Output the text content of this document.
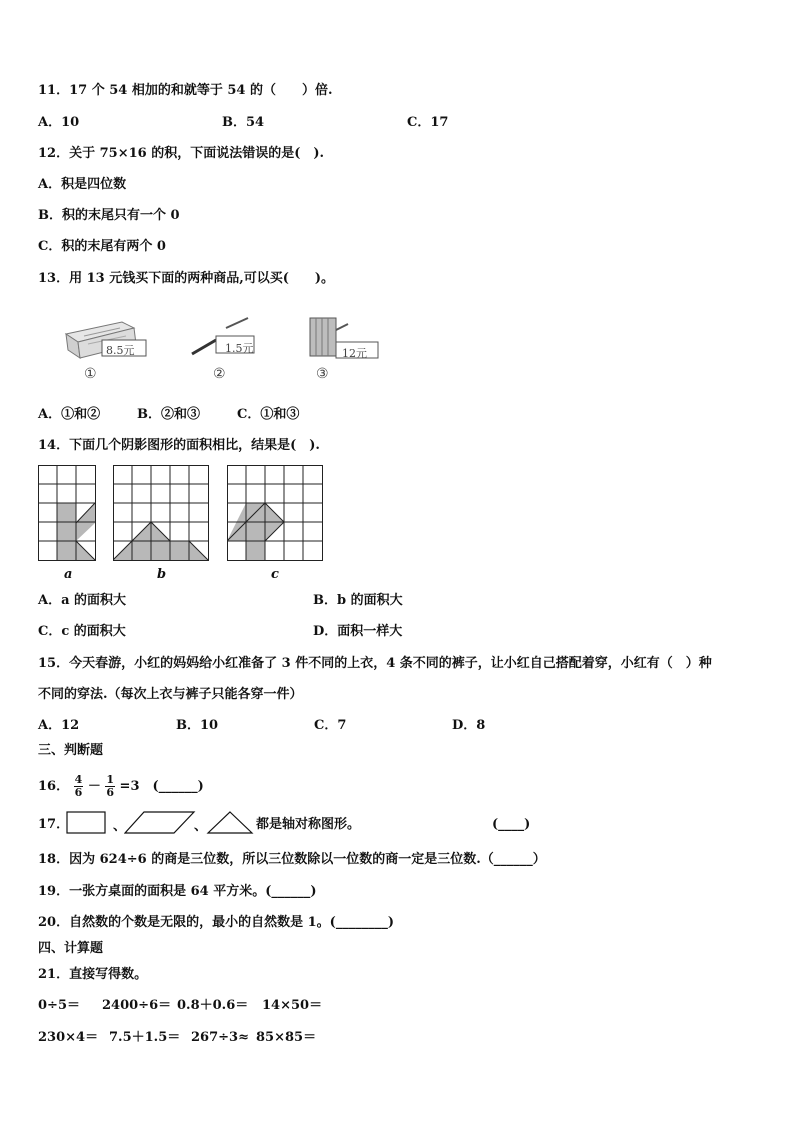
11．17 个 54 相加的和就等于 54 的（　　）倍.
A．10	B．54	C．17
12．关于 75×16 的积，下面说法错误的是(　).
A．积是四位数
B．积的末尾只有一个 0
C．积的末尾有两个 0
13．用 13 元钱买下面的两种商品,可以买(　　)。
8.5元
①
1.5元
②
12元
③
A．①和②	B．②和③	C．①和③
14．下面几个阴影图形的面积相比，结果是(　).
a	b	c
A．a 的面积大	B．b 的面积大
C．c 的面积大	D．面积一样大
15．今天春游，小红的妈妈给小红准备了 3 件不同的上衣，4 条不同的裤子，让小红自己搭配着穿，小红有（　）种
不同的穿法.（每次上衣与裤子只能各穿一件）
A．12	B．10	C．7	D．8
三、判断题
16． $\frac{4}{6} - \frac{1}{6} =3$　(______)
17．	、	、	都是轴对称图形。	(____)
18．因为 624÷6 的商是三位数，所以三位数除以一位数的商一定是三位数.（______）
19．一张方桌面的面积是 64 平方米。(______)
20．自然数的个数是无限的，最小的自然数是 1。(________)
四、计算题
21．直接写得数。
0÷5＝ 2400÷6＝ 0.8＋0.6＝ 14×50＝
230×4＝ 7.5＋1.5＝ 267÷3≈ 85×85＝
